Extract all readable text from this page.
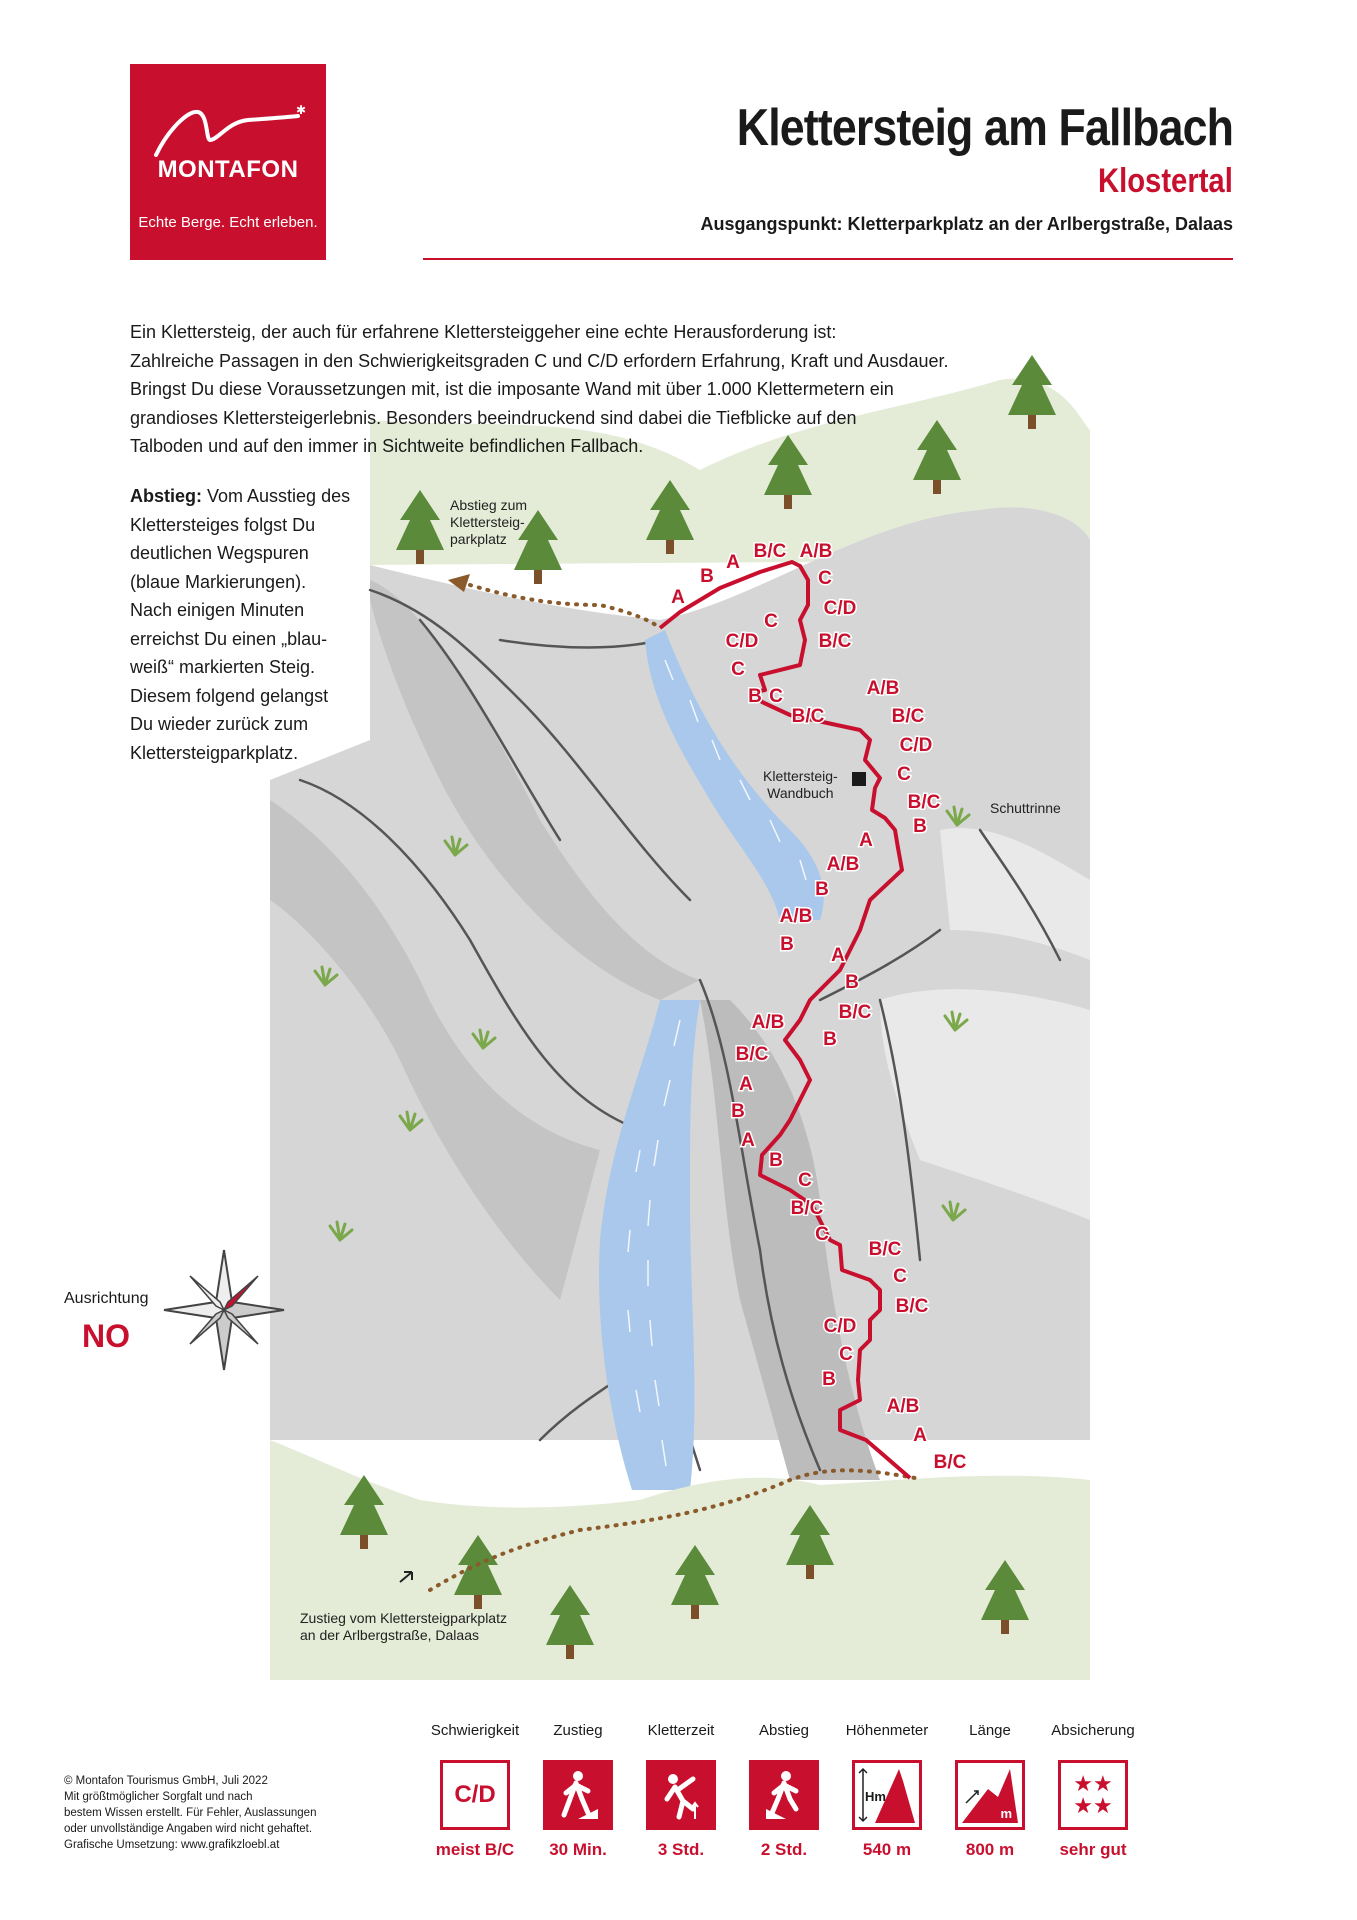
✱
MONTAFON
Echte Berge. Echt erleben.
Klettersteig am Fallbach
Klostertal
Ausgangspunkt: Kletterparkplatz an der Arlbergstraße, Dalaas
A
B
A
B/C A/B
C
C/D
B/C
C
C/D
C
B C
B/C
A/B
B/C
C/D
C
B/C
B
A
A/B
B
A/B
B
A
B
B/C
B
A/B
B/C
A
B
A
B
C
B/C
C
B/C
C
B/C
C/D
C
B
A/B
A
B/C
Ein Klettersteig, der auch für erfahrene Klettersteiggeher eine echte Herausforderung ist:
Zahlreiche Passagen in den Schwierigkeitsgraden C und C/D erfordern Erfahrung, Kraft und Ausdauer.
Bringst Du diese Voraussetzungen mit, ist die imposante Wand mit über 1.000 Klettermetern ein
grandioses Klettersteigerlebnis. Besonders beeindruckend sind dabei die Tiefblicke auf den
Talboden und auf den immer in Sichtweite befindlichen Fallbach.
Abstieg: Vom Ausstieg des
Klettersteiges folgst Du
deutlichen Wegspuren
(blaue Markierungen).
Nach einigen Minuten
erreichst Du einen „blau-
weiß“ markierten Steig.
Diesem folgend gelangst
Du wieder zurück zum
Klettersteigparkplatz.
Abstieg zum
Klettersteig-
parkplatz
Klettersteig-
Wandbuch
Schuttrinne
Zustieg vom Klettersteigparkplatz
an der Arlbergstraße, Dalaas
Ausrichtung
NO
Schwierigkeit
C/D
meist B/C
Zustieg
30 Min.
Kletterzeit
3 Std.
Abstieg
2 Std.
Höhenmeter
Hm
540 m
Länge
m
800 m
Absicherung
★★
★★
sehr gut
© Montafon Tourismus GmbH, Juli 2022
Mit größtmöglicher Sorgfalt und nach
bestem Wissen erstellt. Für Fehler, Auslassungen
oder unvollständige Angaben wird nicht gehaftet.
Grafische Umsetzung: www.grafikzloebl.at
